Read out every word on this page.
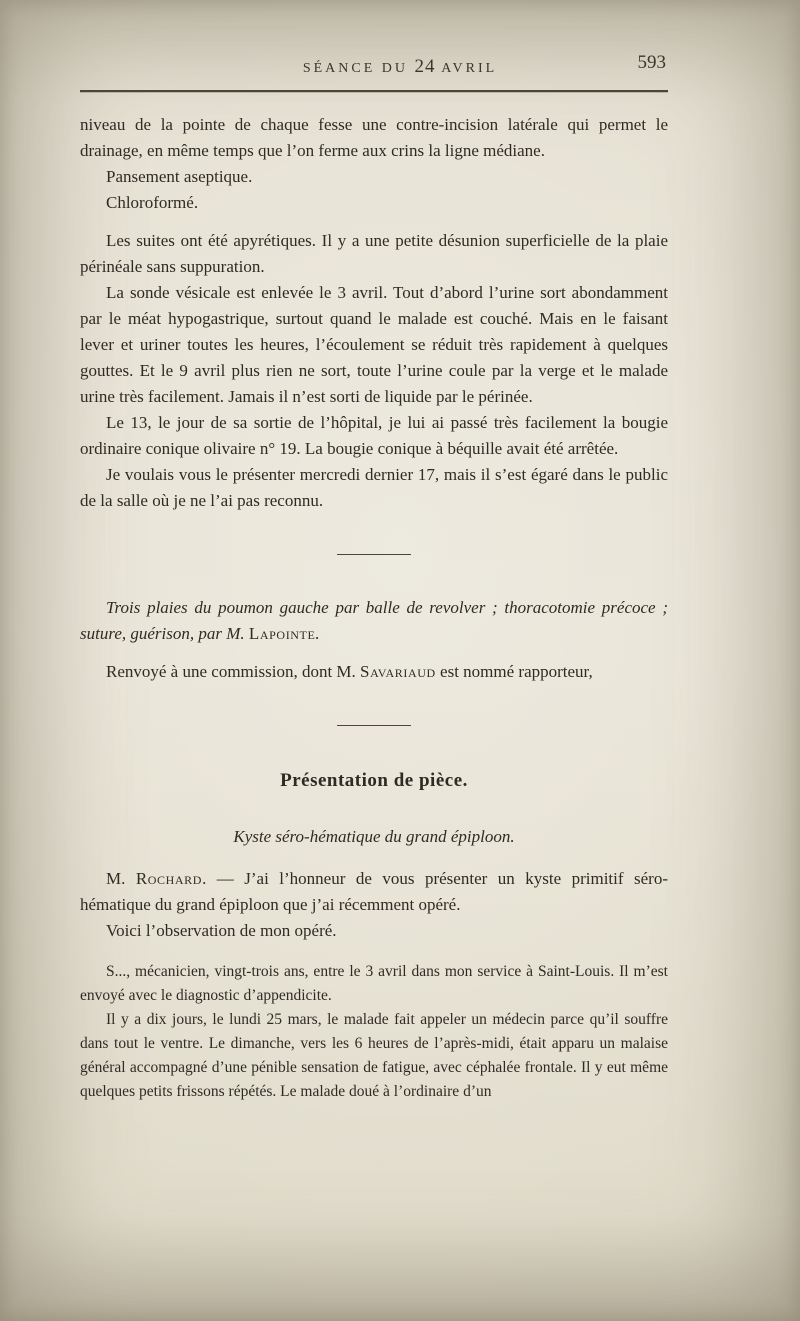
593
SÉANCE DU 24 AVRIL

niveau de la pointe de chaque fesse une contre-incision latérale qui permet le drainage, en même temps que l’on ferme aux crins la ligne médiane.

Pansement aseptique.

Chloroformé.

Les suites ont été apyrétiques. Il y a une petite désunion superficielle de la plaie périnéale sans suppuration.

La sonde vésicale est enlevée le 3 avril. Tout d’abord l’urine sort abondamment par le méat hypogastrique, surtout quand le malade est couché. Mais en le faisant lever et uriner toutes les heures, l’écoulement se réduit très rapidement à quelques gouttes. Et le 9 avril plus rien ne sort, toute l’urine coule par la verge et le malade urine très facilement. Jamais il n’est sorti de liquide par le périnée.

Le 13, le jour de sa sortie de l’hôpital, je lui ai passé très facilement la bougie ordinaire conique olivaire n° 19. La bougie conique à béquille avait été arrêtée.

Je voulais vous le présenter mercredi dernier 17, mais il s’est égaré dans le public de la salle où je ne l’ai pas reconnu.

Trois plaies du poumon gauche par balle de revolver ; thoracotomie précoce ; suture, guérison, par M. Lapointe.

Renvoyé à une commission, dont M. Savariaud est nommé rapporteur,

Présentation de pièce.

Kyste séro-hématique du grand épiploon.

M. Rochard. — J’ai l’honneur de vous présenter un kyste primitif séro-hématique du grand épiploon que j’ai récemment opéré.

Voici l’observation de mon opéré.

S..., mécanicien, vingt-trois ans, entre le 3 avril dans mon service à Saint-Louis. Il m’est envoyé avec le diagnostic d’appendicite.

Il y a dix jours, le lundi 25 mars, le malade fait appeler un médecin parce qu’il souffre dans tout le ventre. Le dimanche, vers les 6 heures de l’après-midi, était apparu un malaise général accompagné d’une pénible sensation de fatigue, avec céphalée frontale. Il y eut même quelques petits frissons répétés. Le malade doué à l’ordinaire d’un
